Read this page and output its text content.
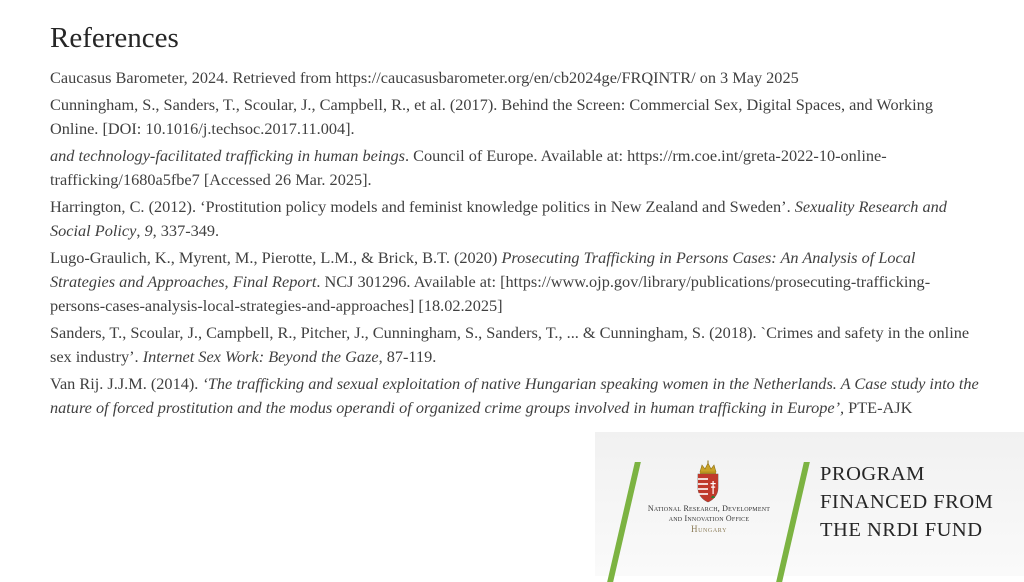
References

Caucasus Barometer, 2024. Retrieved from https://caucasusbarometer.org/en/cb2024ge/FRQINTR/ on 3 May 2025

Cunningham, S., Sanders, T., Scoular, J., Campbell, R., et al. (2017). Behind the Screen: Commercial Sex, Digital Spaces, and Working Online. [DOI: 10.1016/j.techsoc.2017.11.004].

and technology-facilitated trafficking in human beings. Council of Europe. Available at: https://rm.coe.int/greta-2022-10-online-trafficking/1680a5fbe7 [Accessed 26 Mar. 2025].

Harrington, C. (2012). ‘Prostitution policy models and feminist knowledge politics in New Zealand and Sweden’. Sexuality Research and Social Policy, 9, 337-349.

Lugo-Graulich, K., Myrent, M., Pierotte, L.M., & Brick, B.T. (2020) Prosecuting Trafficking in Persons Cases: An Analysis of Local Strategies and Approaches, Final Report. NCJ 301296. Available at: [https://www.ojp.gov/library/publications/prosecuting-trafficking-persons-cases-analysis-local-strategies-and-approaches] [18.02.2025]

Sanders, T., Scoular, J., Campbell, R., Pitcher, J., Cunningham, S., Sanders, T., ... & Cunningham, S. (2018). `Crimes and safety in the online sex industry’. Internet Sex Work: Beyond the Gaze, 87-119.

Van Rij. J.J.M. (2014). ‘The trafficking and sexual exploitation of native Hungarian speaking women in the Netherlands. A Case study into the nature of forced prostitution and the modus operandi of organized crime groups involved in human trafficking in Europe’, PTE-AJK

National Research, Development
and Innovation Office
Hungary
PROGRAM
FINANCED FROM
THE NRDI FUND
